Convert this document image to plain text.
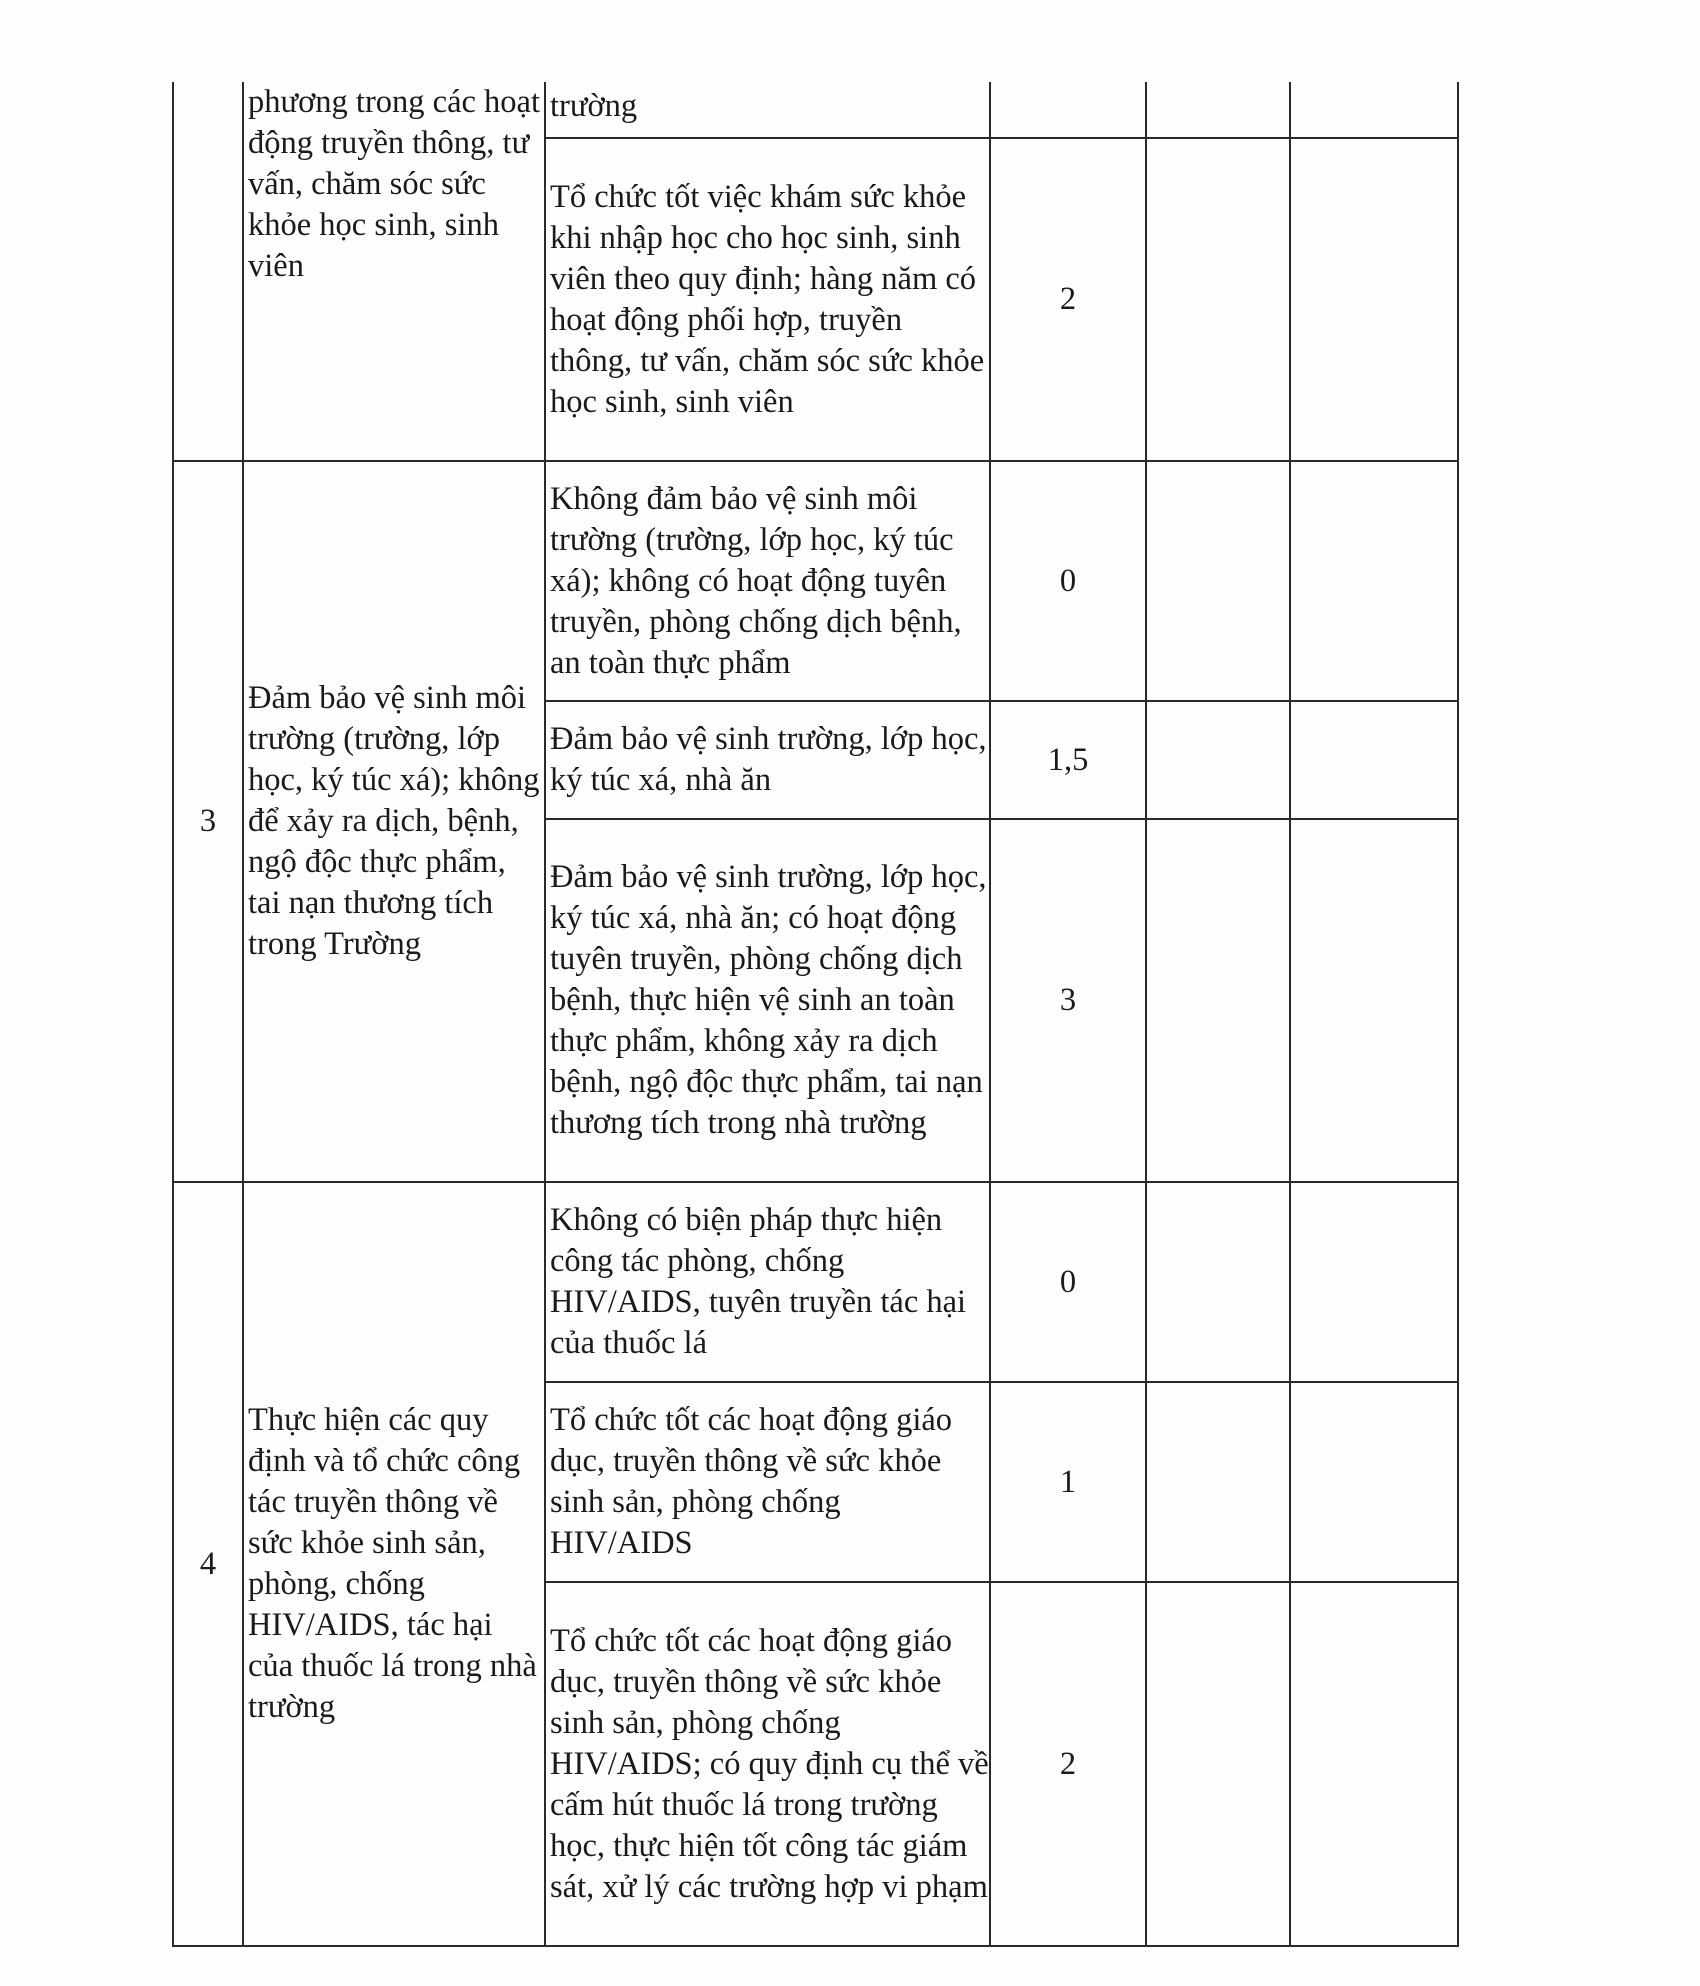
	phương trong các hoạt động truyền thông, tư vấn, chăm sóc sức khỏe học sinh, sinh viên	trường			
		Tổ chức tốt việc khám sức khỏe khi nhập học cho học sinh, sinh viên theo quy định; hàng năm có hoạt động phối hợp, truyền thông, tư vấn, chăm sóc sức khỏe học sinh, sinh viên	2		
3	Đảm bảo vệ sinh môi trường (trường, lớp học, ký túc xá); không để xảy ra dịch, bệnh, ngộ độc thực phẩm, tai nạn thương tích trong Trường	Không đảm bảo vệ sinh môi trường (trường, lớp học, ký túc xá); không có hoạt động tuyên truyền, phòng chống dịch bệnh, an toàn thực phẩm	0		
		Đảm bảo vệ sinh trường, lớp học, ký túc xá, nhà ăn	1,5		
		Đảm bảo vệ sinh trường, lớp học, ký túc xá, nhà ăn; có hoạt động tuyên truyền, phòng chống dịch bệnh, thực hiện vệ sinh an toàn thực phẩm, không xảy ra dịch bệnh, ngộ độc thực phẩm, tai nạn thương tích trong nhà trường	3		
4	Thực hiện các quy định và tổ chức công tác truyền thông về sức khỏe sinh sản, phòng, chống HIV/AIDS, tác hại của thuốc lá trong nhà trường	Không có biện pháp thực hiện công tác phòng, chống HIV/AIDS, tuyên truyền tác hại của thuốc lá	0		
		Tổ chức tốt các hoạt động giáo dục, truyền thông về sức khỏe sinh sản, phòng chống HIV/AIDS	1		
		Tổ chức tốt các hoạt động giáo dục, truyền thông về sức khỏe sinh sản, phòng chống HIV/AIDS; có quy định cụ thể về cấm hút thuốc lá trong trường học, thực hiện tốt công tác giám sát, xử lý các trường hợp vi phạm	2		
